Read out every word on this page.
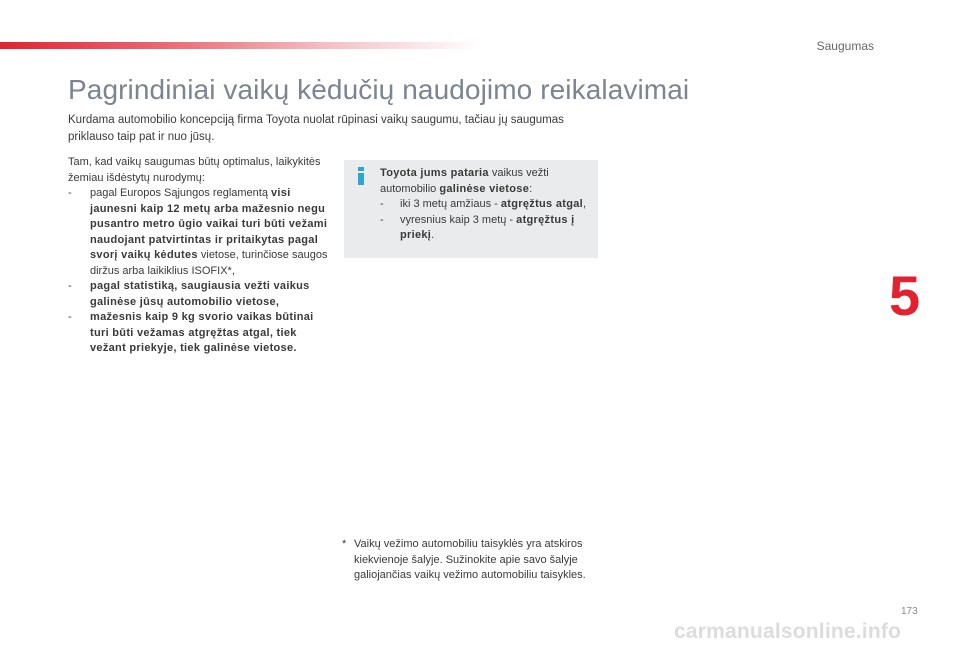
Saugumas
Pagrindiniai vaikų kėdučių naudojimo reikalavimai

Kurdama automobilio koncepciją firma Toyota nuolat rūpinasi vaikų saugumu, tačiau jų saugumas priklauso taip pat ir nuo jūsų.

Tam, kad vaikų saugumas būtų optimalus, laikykitės žemiau išdėstytų nurodymų:

- pagal Europos Sąjungos reglamentą visi jaunesni kaip 12 metų arba mažesnio negu pusantro metro ūgio vaikai turi būti vežami naudojant patvirtintas ir pritaikytas pagal svorį vaikų kėdutes vietose, turinčiose saugos diržus arba laikiklius ISOFIX*,
- pagal statistiką, saugiausia vežti vaikus galinėse jūsų automobilio vietose,
- mažesnis kaip 9 kg svorio vaikas būtinai turi būti vežamas atgręžtas atgal, tiek vežant priekyje, tiek galinėse vietose.

Toyota jums pataria vaikus vežti automobilio galinėse vietose:

- iki 3 metų amžiaus - atgręžtus atgal,
- vyresnius kaip 3 metų - atgręžtus į priekį.
* Vaikų vežimo automobiliu taisyklės yra atskiros kiekvienoje šalyje. Sužinokite apie savo šalyje galiojančias vaikų vežimo automobiliu taisykles.
5
173
carmanualsonline.info
